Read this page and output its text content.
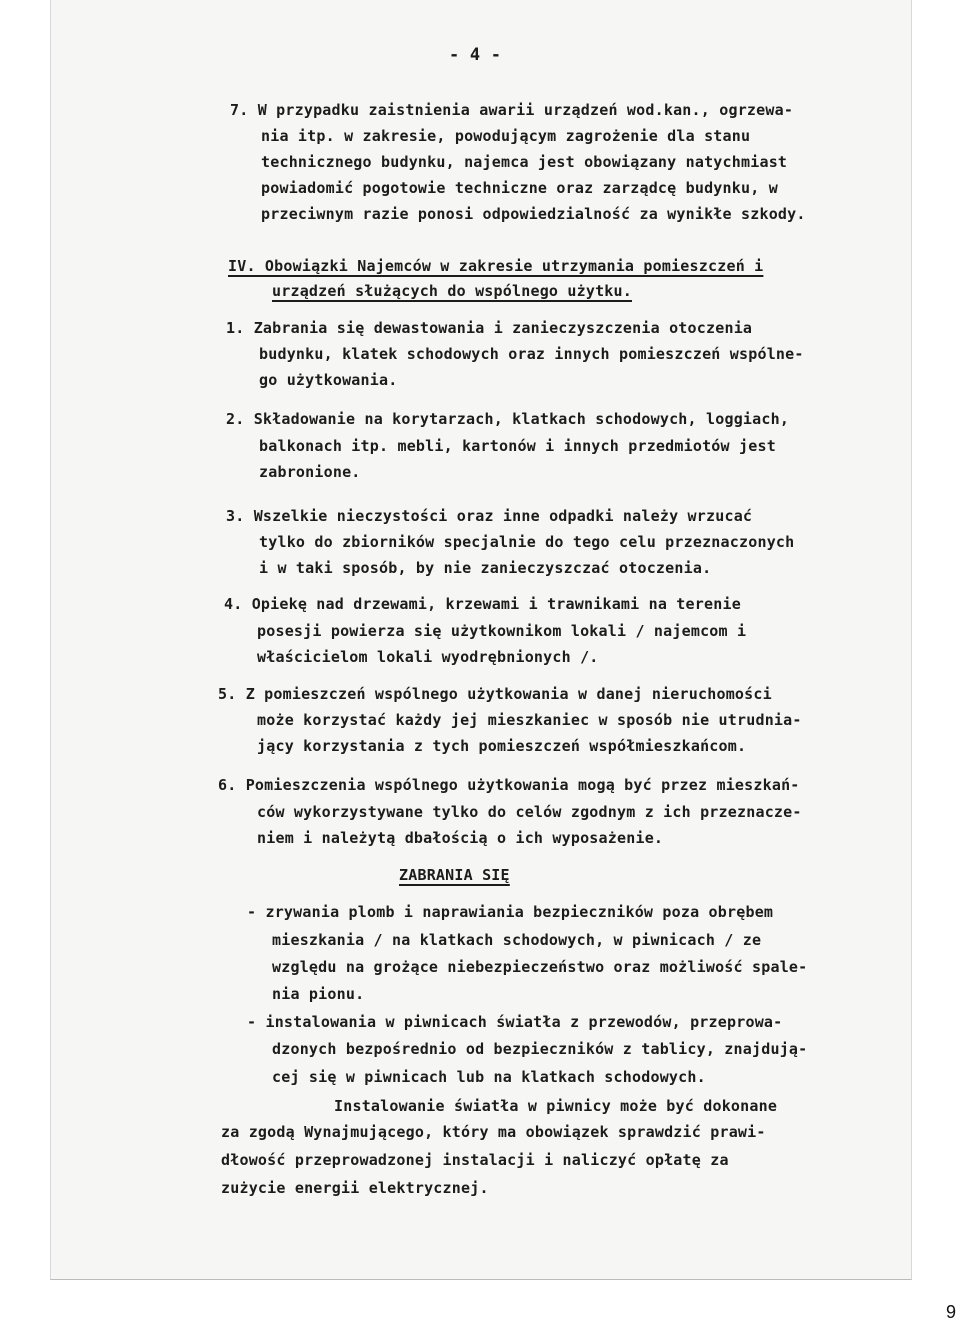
- 4 -
7. W przypadku zaistnienia awarii urządzeń wod.kan., ogrzewa-
nia itp. w zakresie, powodującym zagrożenie dla stanu
technicznego budynku, najemca jest obowiązany natychmiast
powiadomić pogotowie techniczne oraz zarządcę budynku, w
przeciwnym razie ponosi odpowiedzialność za wynikłe szkody.
IV. Obowiązki Najemców w zakresie utrzymania pomieszczeń i
urządzeń służących do wspólnego użytku.
1. Zabrania się dewastowania i zanieczyszczenia otoczenia
budynku, klatek schodowych oraz innych pomieszczeń wspólne-
go użytkowania.
2. Składowanie na korytarzach, klatkach schodowych, loggiach,
balkonach itp. mebli, kartonów i innych przedmiotów jest
zabronione.
3. Wszelkie nieczystości oraz inne odpadki należy wrzucać
tylko do zbiorników specjalnie do tego celu przeznaczonych
i w taki sposób, by nie zanieczyszczać otoczenia.
4. Opiekę nad drzewami, krzewami i trawnikami na terenie
posesji powierza się użytkownikom lokali / najemcom i
właścicielom lokali wyodrębnionych /.
5. Z pomieszczeń wspólnego użytkowania w danej nieruchomości
może korzystać każdy jej mieszkaniec w sposób nie utrudnia-
jący korzystania z tych pomieszczeń współmieszkańcom.
6. Pomieszczenia wspólnego użytkowania mogą być przez mieszkań-
ców wykorzystywane tylko do celów zgodnym z ich przeznacze-
niem i należytą dbałością o ich wyposażenie.
ZABRANIA SIĘ
- zrywania plomb i naprawiania bezpieczników poza obrębem
mieszkania / na klatkach schodowych, w piwnicach / ze
względu na grożące niebezpieczeństwo oraz możliwość spale-
nia pionu.
- instalowania w piwnicach światła z przewodów, przeprowa-
dzonych bezpośrednio od bezpieczników z tablicy, znajdują-
cej się w piwnicach lub na klatkach schodowych.
Instalowanie światła w piwnicy może być dokonane
za zgodą Wynajmującego, który ma obowiązek sprawdzić prawi-
dłowość przeprowadzonej instalacji i naliczyć opłatę za
zużycie energii elektrycznej.
9
